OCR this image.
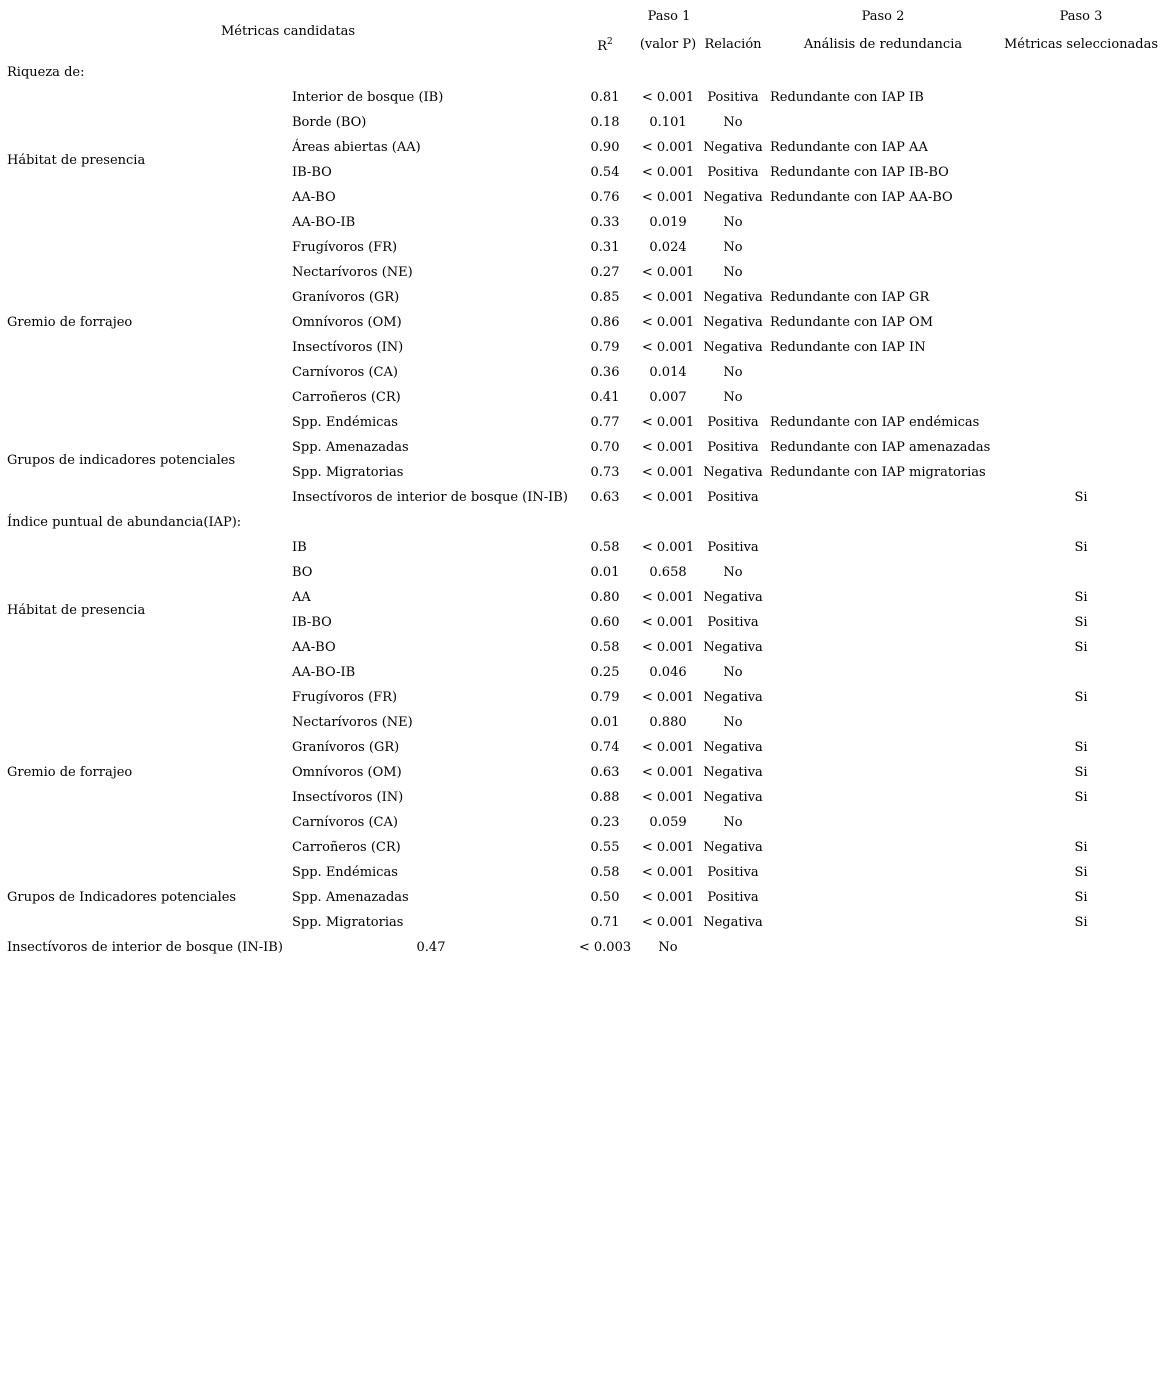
Métricas candidatas
Paso 1	Paso 2	Paso 3
$R^2$ (valor P) Relación	Análisis de redundancia	Métricas seleccionadas
Riqueza de:
Hábitat de presencia
Interior de bosque (IB)	0.81 < 0.001 Positiva Redundante con IAP IB
Borde (BO)	0.18 0.101	No
Áreas abiertas (AA)	0.90 < 0.001 Negativa Redundante con IAP AA
IB-BO	0.54 < 0.001 Positiva Redundante con IAP IB-BO
AA-BO	0.76 < 0.001 Negativa Redundante con IAP AA-BO
AA-BO-IB	0.33 0.019	No
Gremio de forrajeo
Frugívoros (FR)	0.31 0.024	No
Nectarívoros (NE)	0.27 < 0.001 No
Granívoros (GR)	0.85 < 0.001 Negativa Redundante con IAP GR
Omnívoros (OM)	0.86 < 0.001 Negativa Redundante con IAP OM
Insectívoros (IN)	0.79 < 0.001 Negativa Redundante con IAP IN
Carnívoros (CA)	0.36 0.014	No
Carroñeros (CR)	0.41 0.007	No
Grupos de indicadores potenciales
Spp. Endémicas	0.77 < 0.001 Positiva Redundante con IAP endémicas
Spp. Amenazadas	0.70 < 0.001 Positiva Redundante con IAP amenazadas
Spp. Migratorias	0.73 < 0.001 Negativa Redundante con IAP migratorias
Insectívoros de interior de bosque (IN-IB) 0.63 < 0.001 Positiva	Si
Índice puntual de abundancia(IAP):
Hábitat de presencia
IB	0.58 < 0.001 Positiva	Si
BO	0.01 0.658	No
AA	0.80 < 0.001 Negativa	Si
IB-BO	0.60 < 0.001 Positiva	Si
AA-BO	0.58 < 0.001 Negativa	Si
AA-BO-IB	0.25 0.046	No
Gremio de forrajeo
Frugívoros (FR)	0.79 < 0.001 Negativa	Si
Nectarívoros (NE)	0.01 0.880	No
Granívoros (GR)	0.74 < 0.001 Negativa	Si
Omnívoros (OM)	0.63 < 0.001 Negativa	Si
Insectívoros (IN)	0.88 < 0.001 Negativa	Si
Carnívoros (CA)	0.23 0.059	No
Carroñeros (CR)	0.55 < 0.001 Negativa	Si
Grupos de Indicadores potenciales
Spp. Endémicas	0.58 < 0.001 Positiva	Si
Spp. Amenazadas	0.50 < 0.001 Positiva	Si
Spp. Migratorias	0.71 < 0.001 Negativa	Si
Insectívoros de interior de bosque (IN-IB)	0.47	< 0.003 No
